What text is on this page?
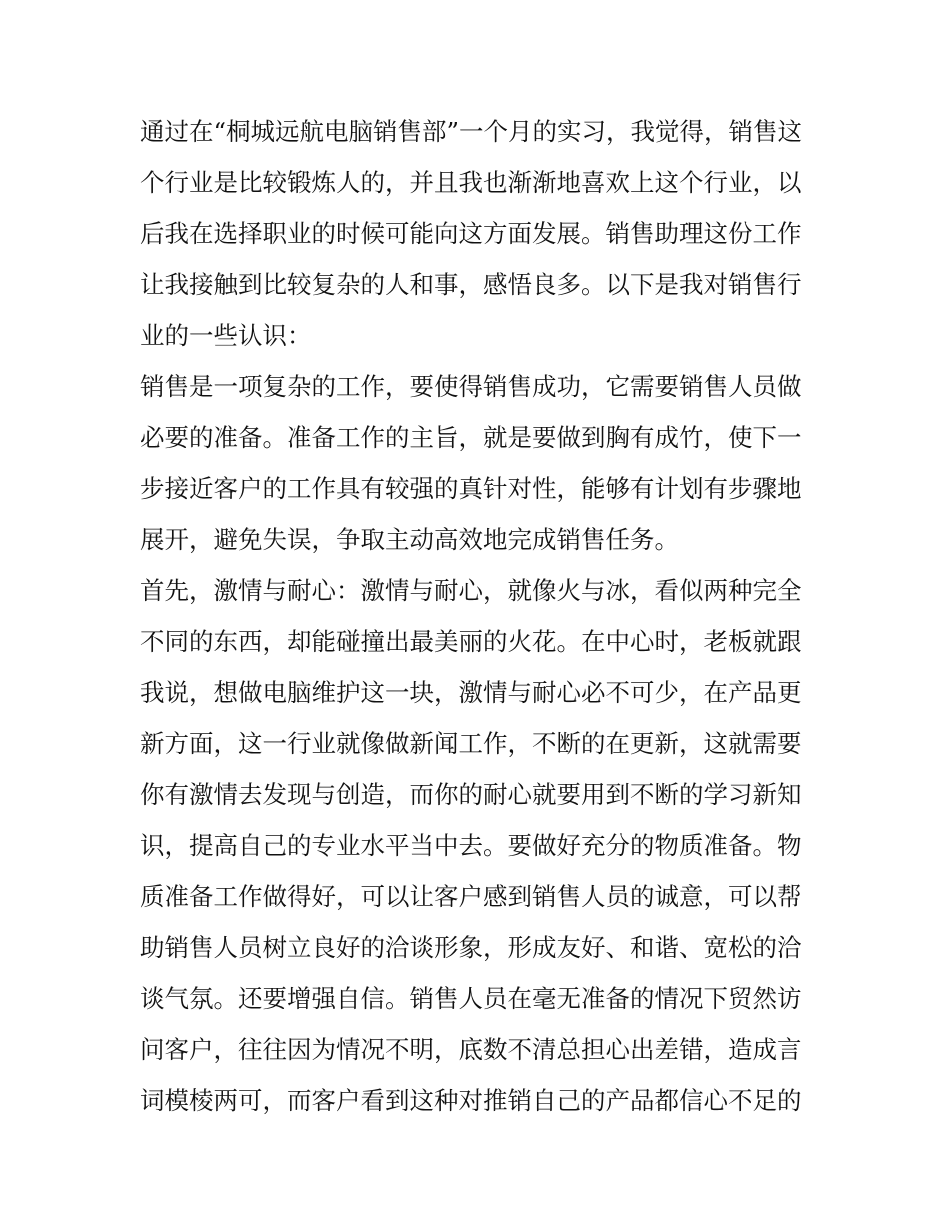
通过在“桐城远航电脑销售部”一个月的实习，我觉得，销售这
个行业是比较锻炼人的，并且我也渐渐地喜欢上这个行业，以
后我在选择职业的时候可能向这方面发展。销售助理这份工作
让我接触到比较复杂的人和事，感悟良多。以下是我对销售行
业的一些认识：
销售是一项复杂的工作，要使得销售成功，它需要销售人员做
必要的准备。准备工作的主旨，就是要做到胸有成竹，使下一
步接近客户的工作具有较强的真针对性，能够有计划有步骤地
展开，避免失误，争取主动高效地完成销售任务。
首先，激情与耐心：激情与耐心，就像火与冰，看似两种完全
不同的东西，却能碰撞出最美丽的火花。在中心时，老板就跟
我说，想做电脑维护这一块，激情与耐心必不可少，在产品更
新方面，这一行业就像做新闻工作，不断的在更新，这就需要
你有激情去发现与创造，而你的耐心就要用到不断的学习新知
识，提高自己的专业水平当中去。要做好充分的物质准备。物
质准备工作做得好，可以让客户感到销售人员的诚意，可以帮
助销售人员树立良好的洽谈形象，形成友好、和谐、宽松的洽
谈气氛。还要增强自信。销售人员在毫无准备的情况下贸然访
问客户，往往因为情况不明，底数不清总担心出差错，造成言
词模棱两可，而客户看到这种对推销自己的产品都信心不足的
